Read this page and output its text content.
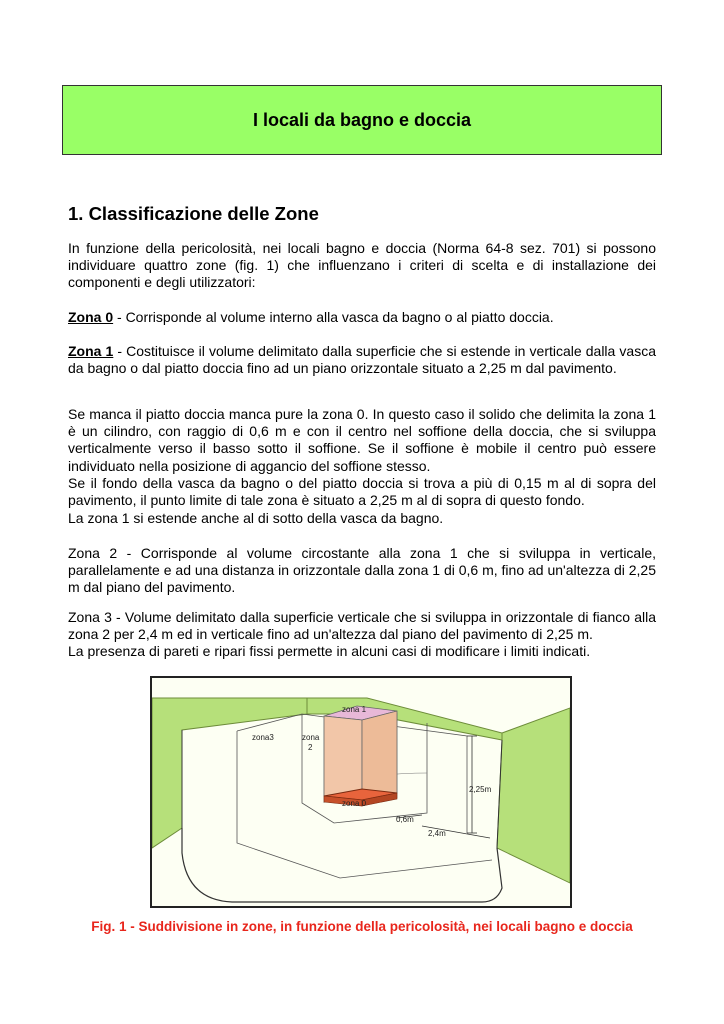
I locali da bagno e doccia
1. Classificazione delle Zone

In funzione della pericolosità, nei locali bagno e doccia (Norma 64-8 sez. 701) si possono individuare quattro zone (fig. 1) che influenzano i criteri di scelta e di installazione dei componenti e degli utilizzatori:

Zona 0 - Corrisponde al volume interno alla vasca da bagno o al piatto doccia.

Zona 1 - Costituisce il volume delimitato dalla superficie che si estende in verticale dalla vasca da bagno o dal piatto doccia fino ad un piano orizzontale situato a 2,25 m dal pavimento.

Se manca il piatto doccia manca pure la zona 0. In questo caso il solido che delimita la zona 1 è un cilindro, con raggio di 0,6 m e con il centro nel soffione della doccia, che si sviluppa verticalmente verso il basso sotto il soffione. Se il soffione è mobile il centro può essere individuato nella posizione di aggancio del soffione stesso.

Se il fondo della vasca da bagno o del piatto doccia si trova a più di 0,15 m al di sopra del pavimento, il punto limite di tale zona è situato a 2,25 m al di sopra di questo fondo.

La zona 1 si estende anche al di sotto della vasca da bagno.

Zona 2 - Corrisponde al volume circostante alla zona 1 che si sviluppa in verticale, parallelamente e ad una distanza in orizzontale dalla zona 1 di 0,6 m, fino ad un'altezza di 2,25 m dal piano del pavimento.

Zona 3 - Volume delimitato dalla superficie verticale che si sviluppa in orizzontale di fianco alla zona 2 per 2,4 m ed in verticale fino ad un'altezza dal piano del pavimento di 2,25 m.

La presenza di pareti e ripari fissi permette in alcuni casi di modificare i limiti indicati.

zona 1
zona3	zona
2
zona 0
2,25m
0,6m
2,4m

Fig. 1 - Suddivisione in zone, in funzione della pericolosità, nei locali bagno e doccia
